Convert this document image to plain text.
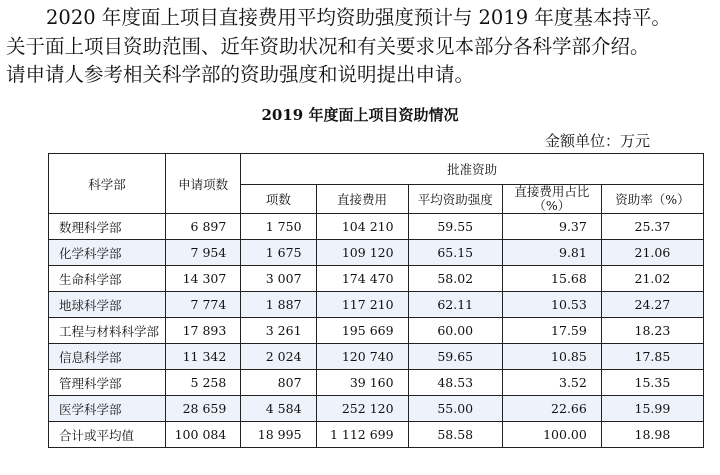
2020 年度面上项目直接费用平均资助强度预计与 2019 年度基本持平。
关于面上项目资助范围、近年资助状况和有关要求见本部分各科学部介绍。
请申请人参考相关科学部的资助强度和说明提出申请。
2019 年度面上项目资助情况
金额单位：万元
科学部	申请项数	批准资助				
		项数	直接费用	平均资助强度	直接费用占比（%）	资助率（%）
数理科学部	6 897	1 750	104 210	59.55	9.37	25.37
化学科学部	7 954	1 675	109 120	65.15	9.81	21.06
生命科学部	14 307	3 007	174 470	58.02	15.68	21.02
地球科学部	7 774	1 887	117 210	62.11	10.53	24.27
工程与材料科学部	17 893	3 261	195 669	60.00	17.59	18.23
信息科学部	11 342	2 024	120 740	59.65	10.85	17.85
管理科学部	5 258	807	39 160	48.53	3.52	15.35
医学科学部	28 659	4 584	252 120	55.00	22.66	15.99
合计或平均值	100 084	18 995	1 112 699	58.58	100.00	18.98
